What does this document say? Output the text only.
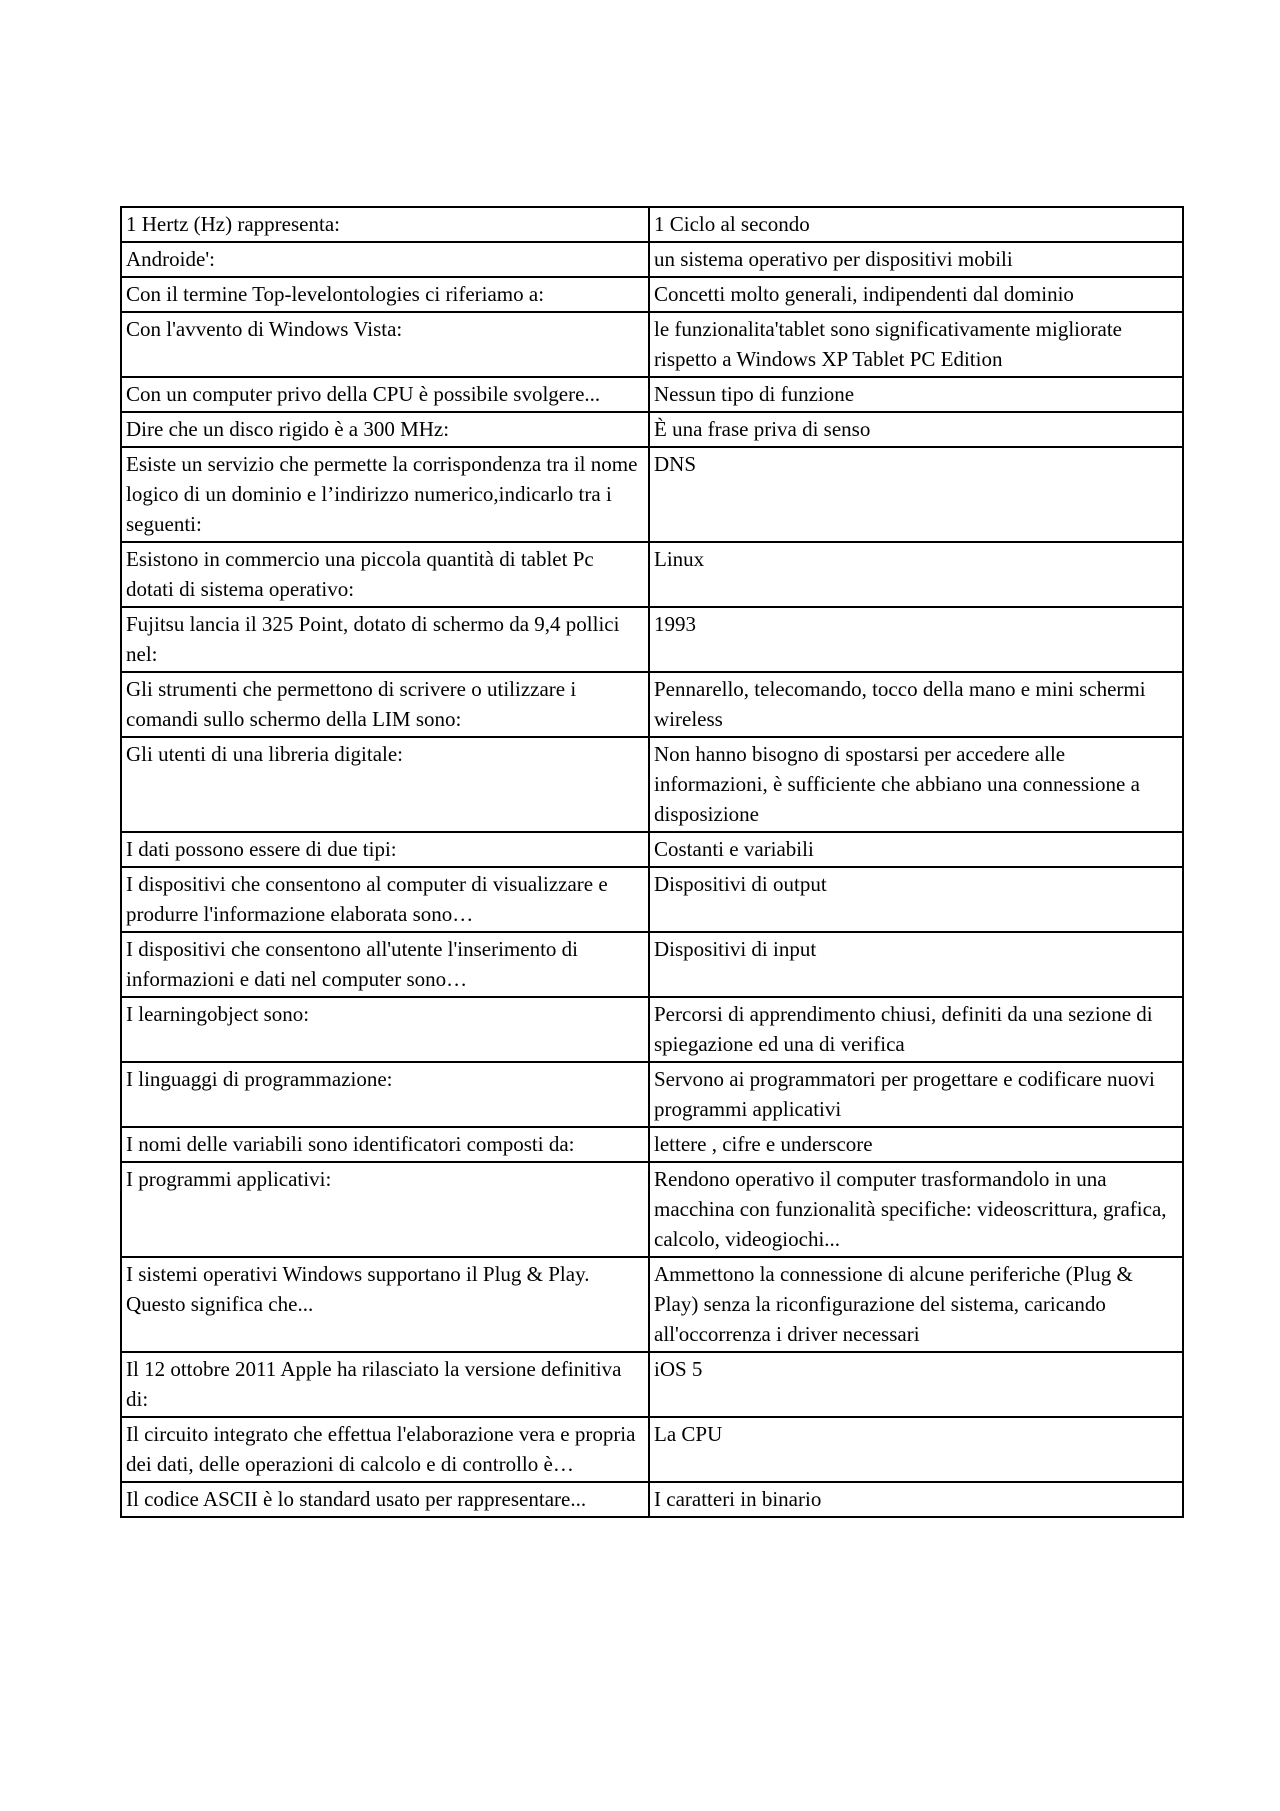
1 Hertz (Hz) rappresenta:	1 Ciclo al secondo
Androide':	un sistema operativo per dispositivi mobili
Con il termine Top-levelontologies ci riferiamo a:	Concetti molto generali, indipendenti dal dominio
Con l'avvento di Windows Vista:	le funzionalita'tablet sono significativamente migliorate rispetto a Windows XP Tablet PC Edition
Con un computer privo della CPU è possibile svolgere...	Nessun tipo di funzione
Dire che un disco rigido è a 300 MHz:	È una frase priva di senso
Esiste un servizio che permette la corrispondenza tra il nome logico di un dominio e l’indirizzo numerico,indicarlo tra i seguenti:	DNS
Esistono in commercio una piccola quantità di tablet Pc dotati di sistema operativo:	Linux
Fujitsu lancia il 325 Point, dotato di schermo da 9,4 pollici nel:	1993
Gli strumenti che permettono di scrivere o utilizzare i comandi sullo schermo della LIM sono:	Pennarello, telecomando, tocco della mano e mini schermi wireless
Gli utenti di una libreria digitale:	Non hanno bisogno di spostarsi per accedere alle informazioni, è sufficiente che abbiano una connessione a disposizione
I dati possono essere di due tipi:	Costanti e variabili
I dispositivi che consentono al computer di visualizzare e produrre l'informazione elaborata sono…	Dispositivi di output
I dispositivi che consentono all'utente l'inserimento di informazioni e dati nel computer sono…	Dispositivi di input
I learningobject sono:	Percorsi di apprendimento chiusi, definiti da una sezione di spiegazione ed una di verifica
I linguaggi di programmazione:	Servono ai programmatori per progettare e codificare nuovi programmi applicativi
I nomi delle variabili sono identificatori composti da:	lettere , cifre e underscore
I programmi applicativi:	Rendono operativo il computer trasformandolo in una macchina con funzionalità specifiche: videoscrittura, grafica, calcolo, videogiochi...
I sistemi operativi Windows supportano il Plug & Play. Questo significa che...	Ammettono la connessione di alcune periferiche (Plug & Play) senza la riconfigurazione del sistema, caricando all'occorrenza i driver necessari
Il 12 ottobre 2011 Apple ha rilasciato la versione definitiva di:	iOS 5
Il circuito integrato che effettua l'elaborazione vera e propria dei dati, delle operazioni di calcolo e di controllo è…	La CPU
Il codice ASCII è lo standard usato per rappresentare...	I caratteri in binario
